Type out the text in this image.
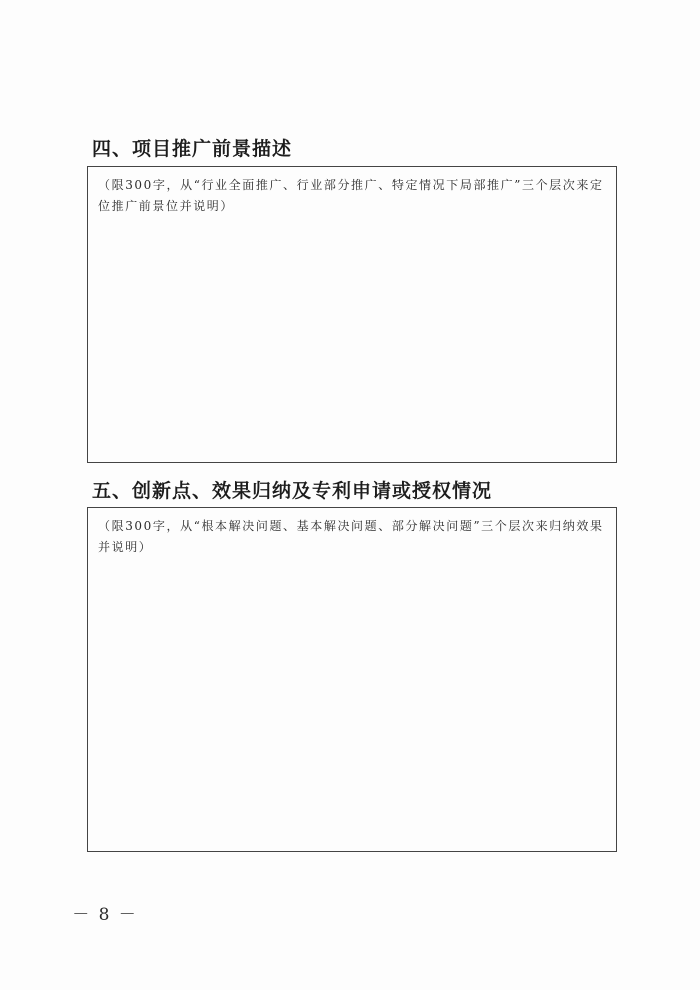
四、项目推广前景描述

（限300字，从“行业全面推广、行业部分推广、特定情况下局部推广”三个层次来定位推广前景位并说明）

五、创新点、效果归纳及专利申请或授权情况

（限300字，从“根本解决问题、基本解决问题、部分解决问题”三个层次来归纳效果并说明）

－ 8 －
